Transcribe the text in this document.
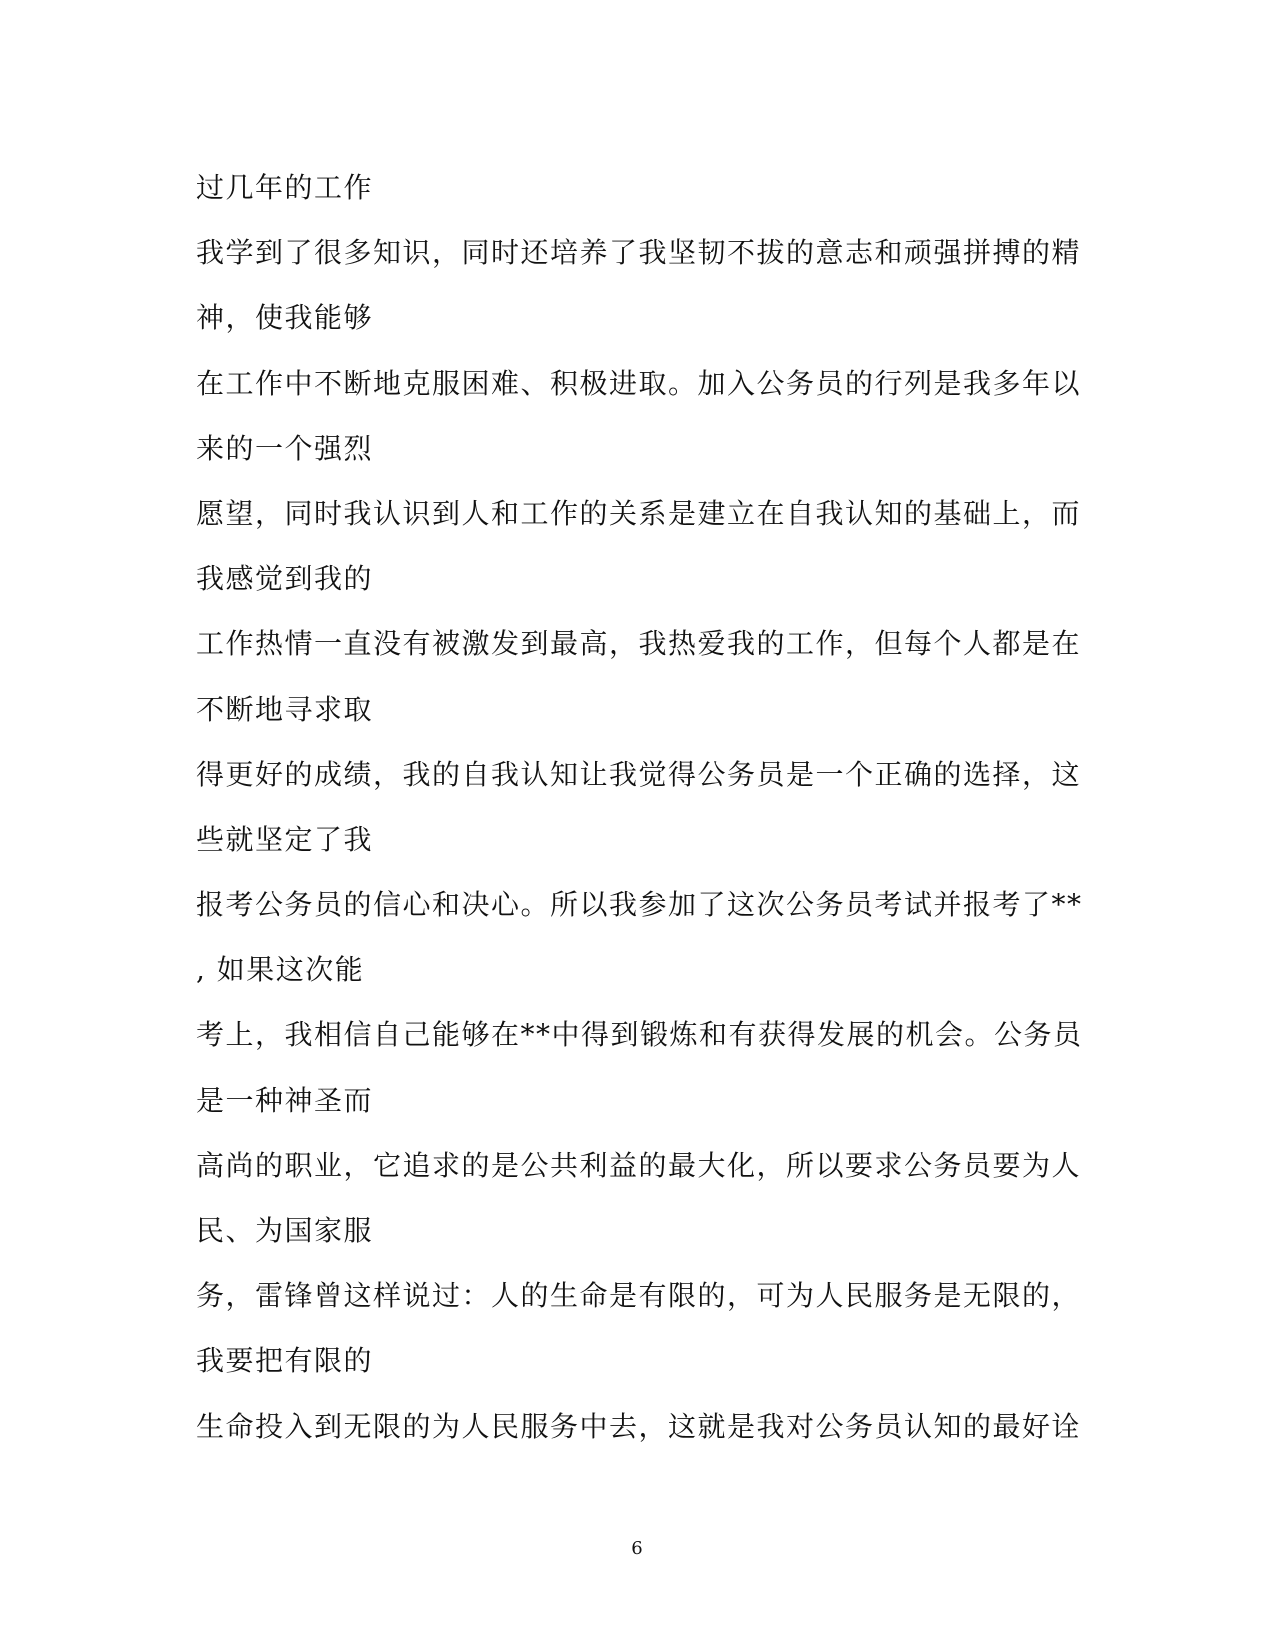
过几年的工作
我学到了很多知识，同时还培养了我坚韧不拔的意志和顽强拼搏的精
神，使我能够
在工作中不断地克服困难、积极进取。加入公务员的行列是我多年以
来的一个强烈
愿望，同时我认识到人和工作的关系是建立在自我认知的基础上，而
我感觉到我的
工作热情一直没有被激发到最高，我热爱我的工作，但每个人都是在
不断地寻求取
得更好的成绩，我的自我认知让我觉得公务员是一个正确的选择，这
些就坚定了我
报考公务员的信心和决心。所以我参加了这次公务员考试并报考了**
, 如果这次能
考上，我相信自己能够在**中得到锻炼和有获得发展的机会。公务员
是一种神圣而
高尚的职业，它追求的是公共利益的最大化，所以要求公务员要为人
民、为国家服
务，雷锋曾这样说过：人的生命是有限的，可为人民服务是无限的，
我要把有限的
生命投入到无限的为人民服务中去，这就是我对公务员认知的最好诠
6
